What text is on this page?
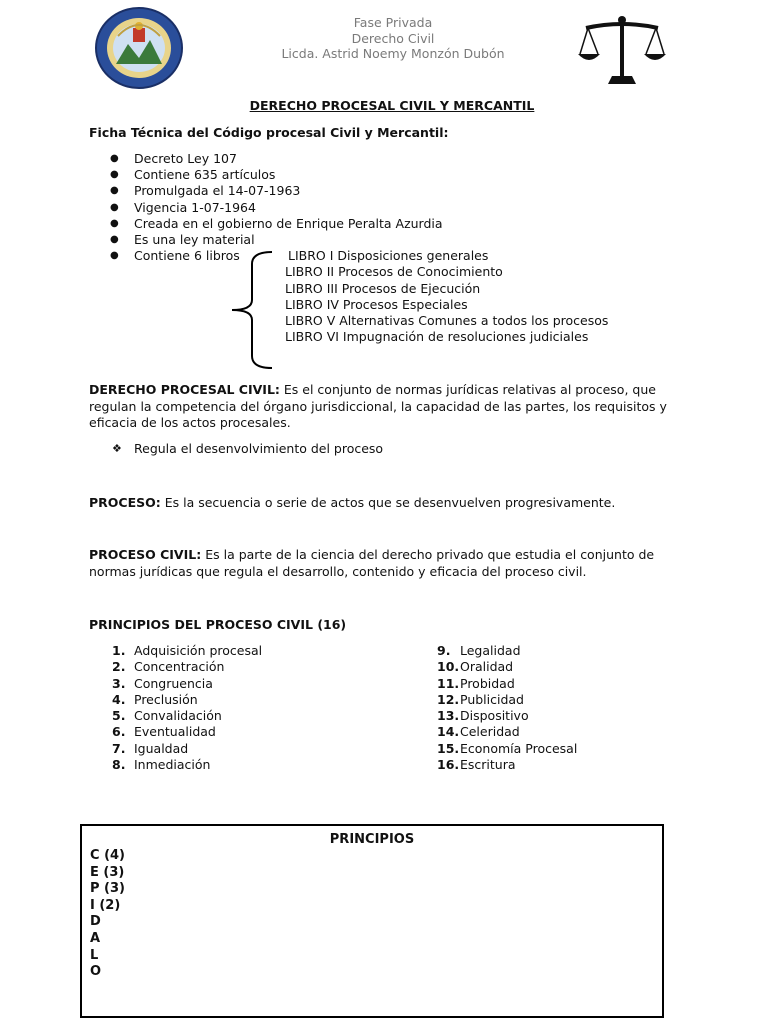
Fase Privada
Derecho Civil
Licda. Astrid Noemy Monzón Dubón
DERECHO PROCESAL CIVIL Y MERCANTIL
Ficha Técnica del Código procesal Civil y Mercantil:
● Decreto Ley 107
● Contiene 635 artículos
● Promulgada el 14-07-1963
● Vigencia 1-07-1964
● Creada en el gobierno de Enrique Peralta Azurdia
● Es una ley material
● Contiene 6 libros	LIBRO I Disposiciones generales
LIBRO II Procesos de Conocimiento
LIBRO III Procesos de Ejecución
LIBRO IV Procesos Especiales
LIBRO V Alternativas Comunes a todos los procesos
LIBRO VI Impugnación de resoluciones judiciales
DERECHO PROCESAL CIVIL: Es el conjunto de normas jurídicas relativas al proceso, que regulan la competencia del órgano jurisdiccional, la capacidad de las partes, los requisitos y eficacia de los actos procesales.
❖ Regula el desenvolvimiento del proceso
PROCESO: Es la secuencia o serie de actos que se desenvuelven progresivamente.
PROCESO CIVIL: Es la parte de la ciencia del derecho privado que estudia el conjunto de normas jurídicas que regula el desarrollo, contenido y eficacia del proceso civil.
PRINCIPIOS DEL PROCESO CIVIL (16)
1. Adquisición procesal
2. Concentración
3. Congruencia
4. Preclusión
5. Convalidación
6. Eventualidad
7. Igualdad
8. Inmediación
9. Legalidad
10.Oralidad
11.Probidad
12.Publicidad
13.Dispositivo
14.Celeridad
15.Economía Procesal
16.Escritura
PRINCIPIOS
C (4)
E (3)
P (3)
I (2)
D
A
L
O
